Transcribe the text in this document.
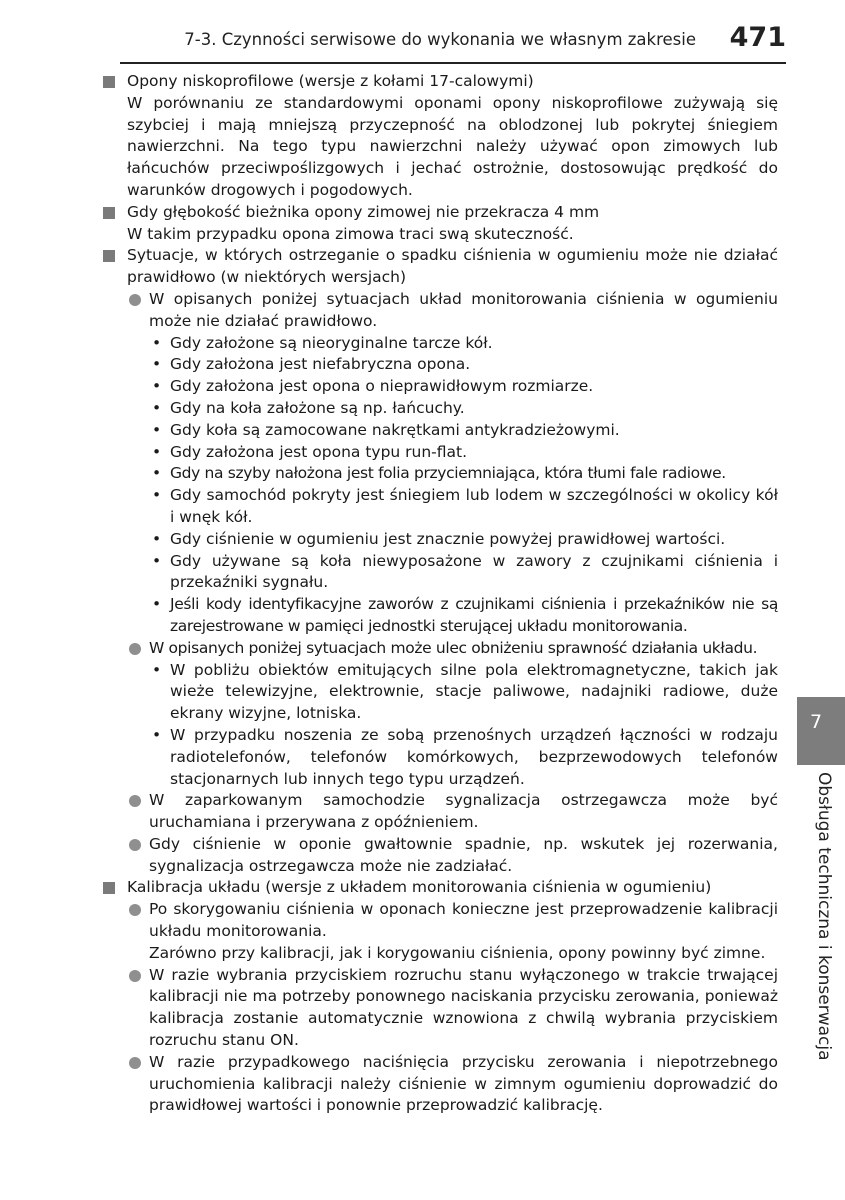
7-3. Czynności serwisowe do wykonania we własnym zakresie 471
Opony niskoprofilowe (wersje z kołami 17-calowymi)

W porównaniu ze standardowymi oponami opony niskoprofilowe zużywają się szybciej i mają mniejszą przyczepność na oblodzonej lub pokrytej śniegiem nawierzchni. Na tego typu nawierzchni należy używać opon zimowych lub łańcuchów przeciwpoślizgowych i jechać ostrożnie, dostosowując prędkość do warunków drogowych i pogodowych.

Gdy głębokość bieżnika opony zimowej nie przekracza 4 mm

W takim przypadku opona zimowa traci swą skuteczność.

Sytuacje, w których ostrzeganie o spadku ciśnienia w ogumieniu może nie działać prawidłowo (w niektórych wersjach)
W opisanych poniżej sytuacjach układ monitorowania ciśnienia w ogumieniu może nie działać prawidłowo.
• Gdy założone są nieoryginalne tarcze kół.
• Gdy założona jest niefabryczna opona.
• Gdy założona jest opona o nieprawidłowym rozmiarze.
• Gdy na koła założone są np. łańcuchy.
• Gdy koła są zamocowane nakrętkami antykradzieżowymi.
• Gdy założona jest opona typu run-flat.
• Gdy na szyby nałożona jest folia przyciemniająca, która tłumi fale radiowe.
• Gdy samochód pokryty jest śniegiem lub lodem w szczególności w okolicy kół i wnęk kół.
• Gdy ciśnienie w ogumieniu jest znacznie powyżej prawidłowej wartości.
• Gdy używane są koła niewyposażone w zawory z czujnikami ciśnienia i przekaźniki sygnału.
• Jeśli kody identyfikacyjne zaworów z czujnikami ciśnienia i przekaźników nie są zarejestrowane w pamięci jednostki sterującej układu monitorowania.
W opisanych poniżej sytuacjach może ulec obniżeniu sprawność działania układu.
• W pobliżu obiektów emitujących silne pola elektromagnetyczne, takich jak wieże telewizyjne, elektrownie, stacje paliwowe, nadajniki radiowe, duże ekrany wizyjne, lotniska.
• W przypadku noszenia ze sobą przenośnych urządzeń łączności w rodzaju radiotelefonów, telefonów komórkowych, bezprzewodowych telefonów stacjonarnych lub innych tego typu urządzeń.
W zaparkowanym samochodzie sygnalizacja ostrzegawcza może być uruchamiana i przerywana z opóźnieniem.
Gdy ciśnienie w oponie gwałtownie spadnie, np. wskutek jej rozerwania, sygnalizacja ostrzegawcza może nie zadziałać.
Kalibracja układu (wersje z układem monitorowania ciśnienia w ogumieniu)
Po skorygowaniu ciśnienia w oponach konieczne jest przeprowadzenie kalibracji układu monitorowania.
Zarówno przy kalibracji, jak i korygowaniu ciśnienia, opony powinny być zimne.
W razie wybrania przyciskiem rozruchu stanu wyłączonego w trakcie trwającej kalibracji nie ma potrzeby ponownego naciskania przycisku zerowania, ponieważ kalibracja zostanie automatycznie wznowiona z chwilą wybrania przyciskiem rozruchu stanu ON.
W razie przypadkowego naciśnięcia przycisku zerowania i niepotrzebnego uruchomienia kalibracji należy ciśnienie w zimnym ogumieniu doprowadzić do prawidłowej wartości i ponownie przeprowadzić kalibrację.
7
Obsługa techniczna i konserwacja
